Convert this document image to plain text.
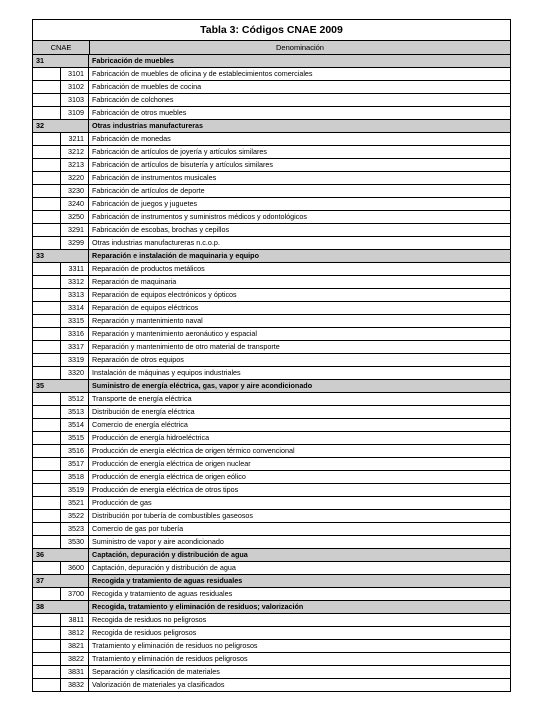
Tabla 3: Códigos CNAE 2009
CNAE	Denominación
31	Fabricación de muebles
3101	Fabricación de muebles de oficina y de establecimientos comerciales
3102	Fabricación de muebles de cocina
3103	Fabricación de colchones
3109	Fabricación de otros muebles
32	Otras industrias manufactureras
3211	Fabricación de monedas
3212	Fabricación de artículos de joyería y artículos similares
3213	Fabricación de artículos de bisutería y artículos similares
3220	Fabricación de instrumentos musicales
3230	Fabricación de artículos de deporte
3240	Fabricación de juegos y juguetes
3250	Fabricación de instrumentos y suministros médicos y odontológicos
3291	Fabricación de escobas, brochas y cepillos
3299	Otras industrias manufactureras n.c.o.p.
33	Reparación e instalación de maquinaria y equipo
3311	Reparación de productos metálicos
3312	Reparación de maquinaria
3313	Reparación de equipos electrónicos y ópticos
3314	Reparación de equipos eléctricos
3315	Reparación y mantenimiento naval
3316	Reparación y mantenimiento aeronáutico y espacial
3317	Reparación y mantenimiento de otro material de transporte
3319	Reparación de otros equipos
3320	Instalación de máquinas y equipos industriales
35	Suministro de energía eléctrica, gas, vapor y aire acondicionado
3512	Transporte de energía eléctrica
3513	Distribución de energía eléctrica
3514	Comercio de energía eléctrica
3515	Producción de energía hidroeléctrica
3516	Producción de energía eléctrica de origen térmico convencional
3517	Producción de energía eléctrica de origen nuclear
3518	Producción de energía eléctrica de origen eólico
3519	Producción de energía eléctrica de otros tipos
3521	Producción de gas
3522	Distribución por tubería de combustibles gaseosos
3523	Comercio de gas por tubería
3530	Suministro de vapor y aire acondicionado
36	Captación, depuración y distribución de agua
3600	Captación, depuración y distribución de agua
37	Recogida y tratamiento de aguas residuales
3700	Recogida y tratamiento de aguas residuales
38	Recogida, tratamiento y eliminación de residuos; valorización
3811	Recogida de residuos no peligrosos
3812	Recogida de residuos peligrosos
3821	Tratamiento y eliminación de residuos no peligrosos
3822	Tratamiento y eliminación de residuos peligrosos
3831	Separación y clasificación de materiales
3832	Valorización de materiales ya clasificados
